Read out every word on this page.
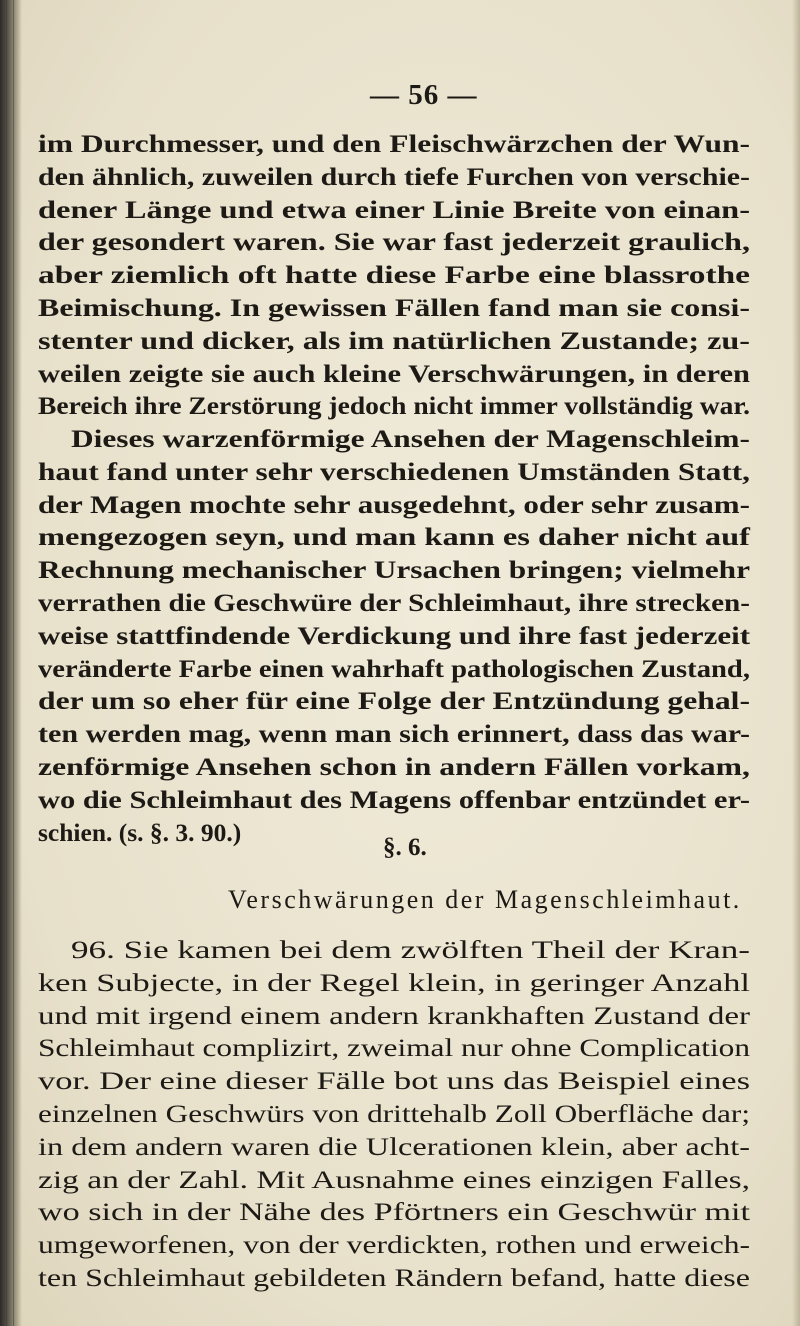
— 56 —
im Durchmesser, und den Fleischwärzchen der Wun-
den ähnlich, zuweilen durch tiefe Furchen von verschie-
dener Länge und etwa einer Linie Breite von einan-
der gesondert waren. Sie war fast jederzeit graulich,
aber ziemlich oft hatte diese Farbe eine blassrothe
Beimischung. In gewissen Fällen fand man sie consi-
stenter und dicker, als im natürlichen Zustande; zu-
weilen zeigte sie auch kleine Verschwärungen, in deren
Bereich ihre Zerstörung jedoch nicht immer vollständig war.
Dieses warzenförmige Ansehen der Magenschleim-
haut fand unter sehr verschiedenen Umständen Statt,
der Magen mochte sehr ausgedehnt, oder sehr zusam-
mengezogen seyn, und man kann es daher nicht auf
Rechnung mechanischer Ursachen bringen; vielmehr
verrathen die Geschwüre der Schleimhaut, ihre strecken-
weise stattfindende Verdickung und ihre fast jederzeit
veränderte Farbe einen wahrhaft pathologischen Zustand,
der um so eher für eine Folge der Entzündung gehal-
ten werden mag, wenn man sich erinnert, dass das war-
zenförmige Ansehen schon in andern Fällen vorkam,
wo die Schleimhaut des Magens offenbar entzündet er-
schien. (s. §. 3. 90.)
§. 6.
Verschwärungen der Magenschleimhaut.
96. Sie kamen bei dem zwölften Theil der Kran-
ken Subjecte, in der Regel klein, in geringer Anzahl
und mit irgend einem andern krankhaften Zustand der
Schleimhaut complizirt, zweimal nur ohne Complication
vor. Der eine dieser Fälle bot uns das Beispiel eines
einzelnen Geschwürs von drittehalb Zoll Oberfläche dar;
in dem andern waren die Ulcerationen klein, aber acht-
zig an der Zahl. Mit Ausnahme eines einzigen Falles,
wo sich in der Nähe des Pförtners ein Geschwür mit
umgeworfenen, von der verdickten, rothen und erweich-
ten Schleimhaut gebildeten Rändern befand, hatte diese
